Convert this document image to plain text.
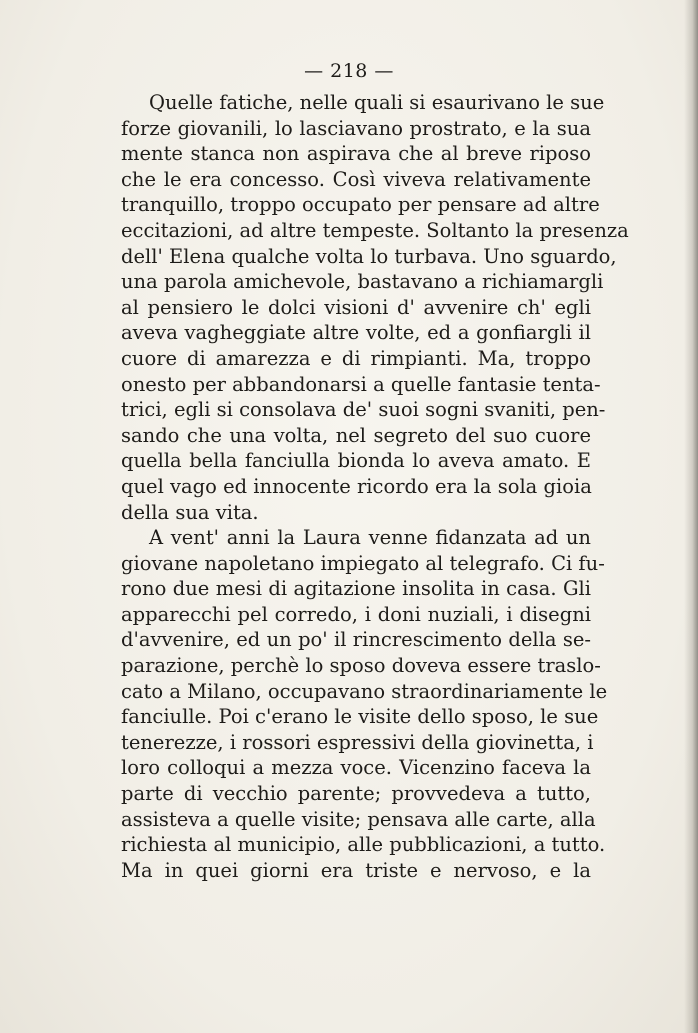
— 218 —
Quelle fatiche, nelle quali si esaurivano le sue
forze giovanili, lo lasciavano prostrato, e la sua
mente stanca non aspirava che al breve riposo
che le era concesso. Così viveva relativamente
tranquillo, troppo occupato per pensare ad altre
eccitazioni, ad altre tempeste. Soltanto la presenza
dell' Elena qualche volta lo turbava. Uno sguardo,
una parola amichevole, bastavano a richiamargli
al pensiero le dolci visioni d' avvenire ch' egli
aveva vagheggiate altre volte, ed a gonfiargli il
cuore di amarezza e di rimpianti. Ma, troppo
onesto per abbandonarsi a quelle fantasie tenta-
trici, egli si consolava de' suoi sogni svaniti, pen-
sando che una volta, nel segreto del suo cuore
quella bella fanciulla bionda lo aveva amato. E
quel vago ed innocente ricordo era la sola gioia
della sua vita.
A vent' anni la Laura venne fidanzata ad un
giovane napoletano impiegato al telegrafo. Ci fu-
rono due mesi di agitazione insolita in casa. Gli
apparecchi pel corredo, i doni nuziali, i disegni
d'avvenire, ed un po' il rincrescimento della se-
parazione, perchè lo sposo doveva essere traslo-
cato a Milano, occupavano straordinariamente le
fanciulle. Poi c'erano le visite dello sposo, le sue
tenerezze, i rossori espressivi della giovinetta, i
loro colloqui a mezza voce. Vicenzino faceva la
parte di vecchio parente; provvedeva a tutto,
assisteva a quelle visite; pensava alle carte, alla
richiesta al municipio, alle pubblicazioni, a tutto.
Ma in quei giorni era triste e nervoso, e la
